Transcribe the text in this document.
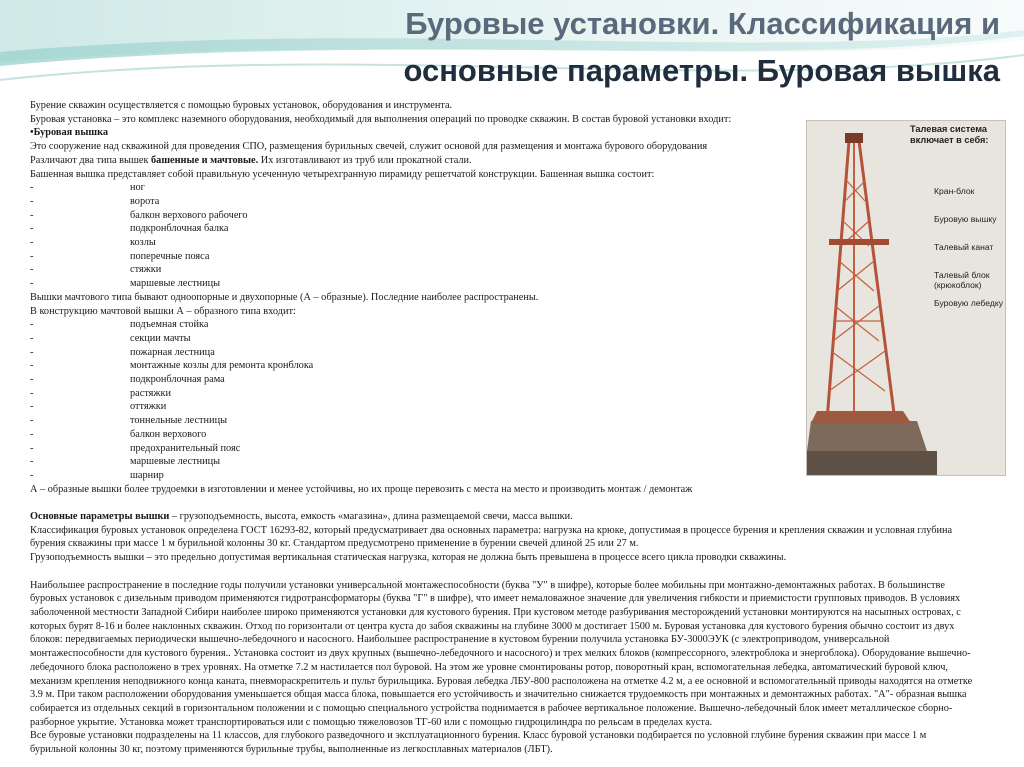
Буровые установки. Классификация и
основные параметры. Буровая вышка
Талевая система включает в себя:
Кран-блок
Буровую вышку
Талевый канат
Талевый блок (крюкоблок)
Буровую лебедку
Бурение скважин осуществляется с помощью буровых установок, оборудования и инструмента.
Буровая установка – это комплекс наземного оборудования, необходимый для выполнения операций по проводке скважин. В состав буровой установки входит:
•Буровая вышка
Это сооружение над скважиной для проведения СПО, размещения бурильных свечей, служит основой для размещения и монтажа бурового оборудования
Различают два типа вышек башенные и мачтовые. Их изготавливают из труб или прокатной стали.
Башенная вышка представляет собой правильную усеченную четырехгранную пирамиду решетчатой конструкции. Башенная вышка состоит:
-	ног
-	ворота
-	балкон верхового рабочего
-	подкронблочная балка
-	козлы
-	поперечные пояса
-	стяжки
-	маршевые лестницы
Вышки мачтового типа бывают одноопорные и двухопорные (А – образные). Последние наиболее распространены.
В конструкцию мачтовой вышки А – образного типа входит:
-	подъемная стойка
-	секции мачты
-	пожарная лестница
-	монтажные козлы для ремонта кронблока
-	подкронблочная рама
-	растяжки
-	оттяжки
-	тоннельные лестницы
-	балкон верхового
-	предохранительный пояс
-	маршевые лестницы
-	шарнир
А – образные вышки более трудоемки в изготовлении и менее устойчивы, но их проще перевозить с места на место и производить монтаж / демонтаж
Основные параметры вышки – грузоподъемность, высота, емкость «магазина», длина размещаемой свечи, масса вышки.
Классификация буровых установок определена ГОСТ 16293-82, который предусматривает два основных параметра: нагрузка на крюке, допустимая в процессе бурения и крепления скважин и условная глубина бурения скважины при массе 1 м бурильной колонны 30 кг. Стандартом предусмотрено применение в бурении свечей длиной 25 или 27 м.
Грузоподъемность вышки – это предельно допустимая вертикальная статическая нагрузка, которая не должна быть превышена в процессе всего цикла проводки скважины.
Наибольшее распространение в последние годы получили установки универсальной монтажеспособности (буква "У" в шифре), которые более мобильны при монтажно-демонтажных работах. В большинстве буровых установок с дизельным приводом применяются гидротрансформаторы (буква "Г" в шифре), что имеет немаловажное значение для увеличения гибкости и приемистости групповых приводов. В условиях заболоченной местности Западной Сибири наиболее широко применяются установки для кустового бурения. При кустовом методе разбуривания месторождений установки монтируются на насыпных островах, с которых бурят 8-16 и более наклонных скважин. Отход по горизонтали от центра куста до забоя скважины на глубине 3000 м достигает 1500 м. Буровая установка для кустового бурения обычно состоит из двух блоков: передвигаемых периодически вышечно-лебедочного и насосного. Наибольшее распространение в кустовом бурении получила установка БУ-3000ЭУК (с электроприводом, универсальной монтажеспособности для кустового бурения.. Установка состоит из двух крупных (вышечно-лебедочного и насосного) и трех мелких блоков (компрессорного, электроблока и энергоблока). Оборудование вышечно-лебедочного блока расположено в трех уровнях. На отметке 7.2 м настилается пол буровой. На этом же уровне смонтированы ротор, поворотный кран, вспомогательная лебедка, автоматический буровой ключ, механизм крепления неподвижного конца каната, пневмораскрепитель и пульт бурильщика. Буровая лебедка ЛБУ-800 расположена на отметке 4.2 м, а ее основной и вспомогательный приводы находятся на отметке 3.9 м. При таком расположении оборудования уменьшается общая масса блока, повышается его устойчивость и значительно снижается трудоемкость при монтажных и демонтажных работах. "А"- образная вышка собирается из отдельных секций в горизонтальном положении и с помощью специального устройства поднимается в рабочее вертикальное положение. Вышечно-лебедочный блок имеет металлическое сборно-разборное укрытие. Установка может транспортироваться или с помощью тяжеловозов ТГ-60 или с помощью гидроцилиндра по рельсам в пределах куста.
Все буровые установки подразделены на 11 классов, для глубокого разведочного и эксплуатационного бурения. Класс буровой установки подбирается по условной глубине бурения скважин при массе 1 м бурильной колонны 30 кг, поэтому применяются бурильные трубы, выполненные из легкосплавных материалов (ЛБТ).
